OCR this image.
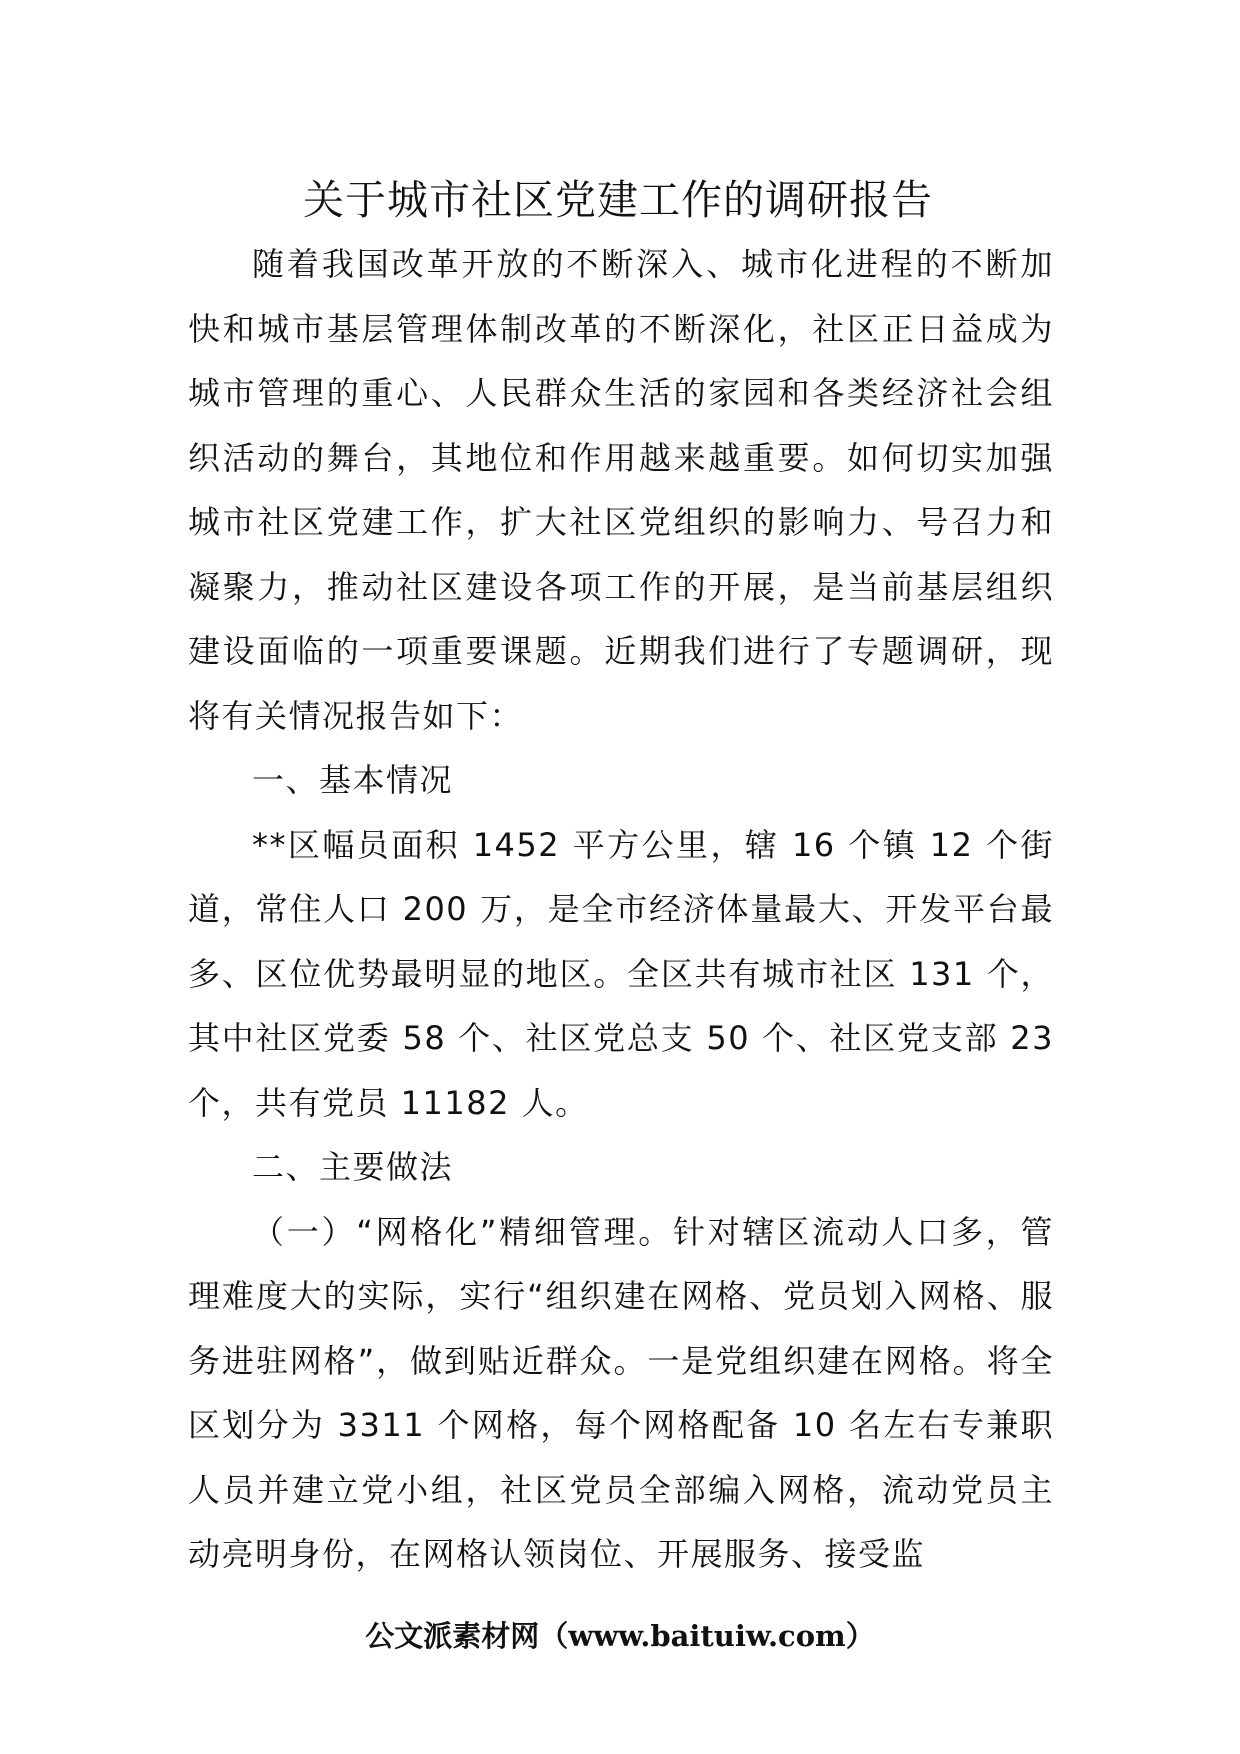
关于城市社区党建工作的调研报告

随着我国改革开放的不断深入、城市化进程的不断加快和城市基层管理体制改革的不断深化，社区正日益成为城市管理的重心、人民群众生活的家园和各类经济社会组织活动的舞台，其地位和作用越来越重要。如何切实加强城市社区党建工作，扩大社区党组织的影响力、号召力和凝聚力，推动社区建设各项工作的开展，是当前基层组织建设面临的一项重要课题。近期我们进行了专题调研，现将有关情况报告如下：

一、基本情况

**区幅员面积 1452 平方公里，辖 16 个镇 12 个街道，常住人口 200 万，是全市经济体量最大、开发平台最多、区位优势最明显的地区。全区共有城市社区 131 个，其中社区党委 58 个、社区党总支 50 个、社区党支部 23 个，共有党员 11182 人。

二、主要做法

（一）“网格化”精细管理。针对辖区流动人口多，管理难度大的实际，实行“组织建在网格、党员划入网格、服务进驻网格”，做到贴近群众。一是党组织建在网格。将全区划分为 3311 个网格，每个网格配备 10 名左右专兼职人员并建立党小组，社区党员全部编入网格，流动党员主动亮明身份，在网格认领岗位、开展服务、接受监

公文派素材网（www.baituiw.com）
